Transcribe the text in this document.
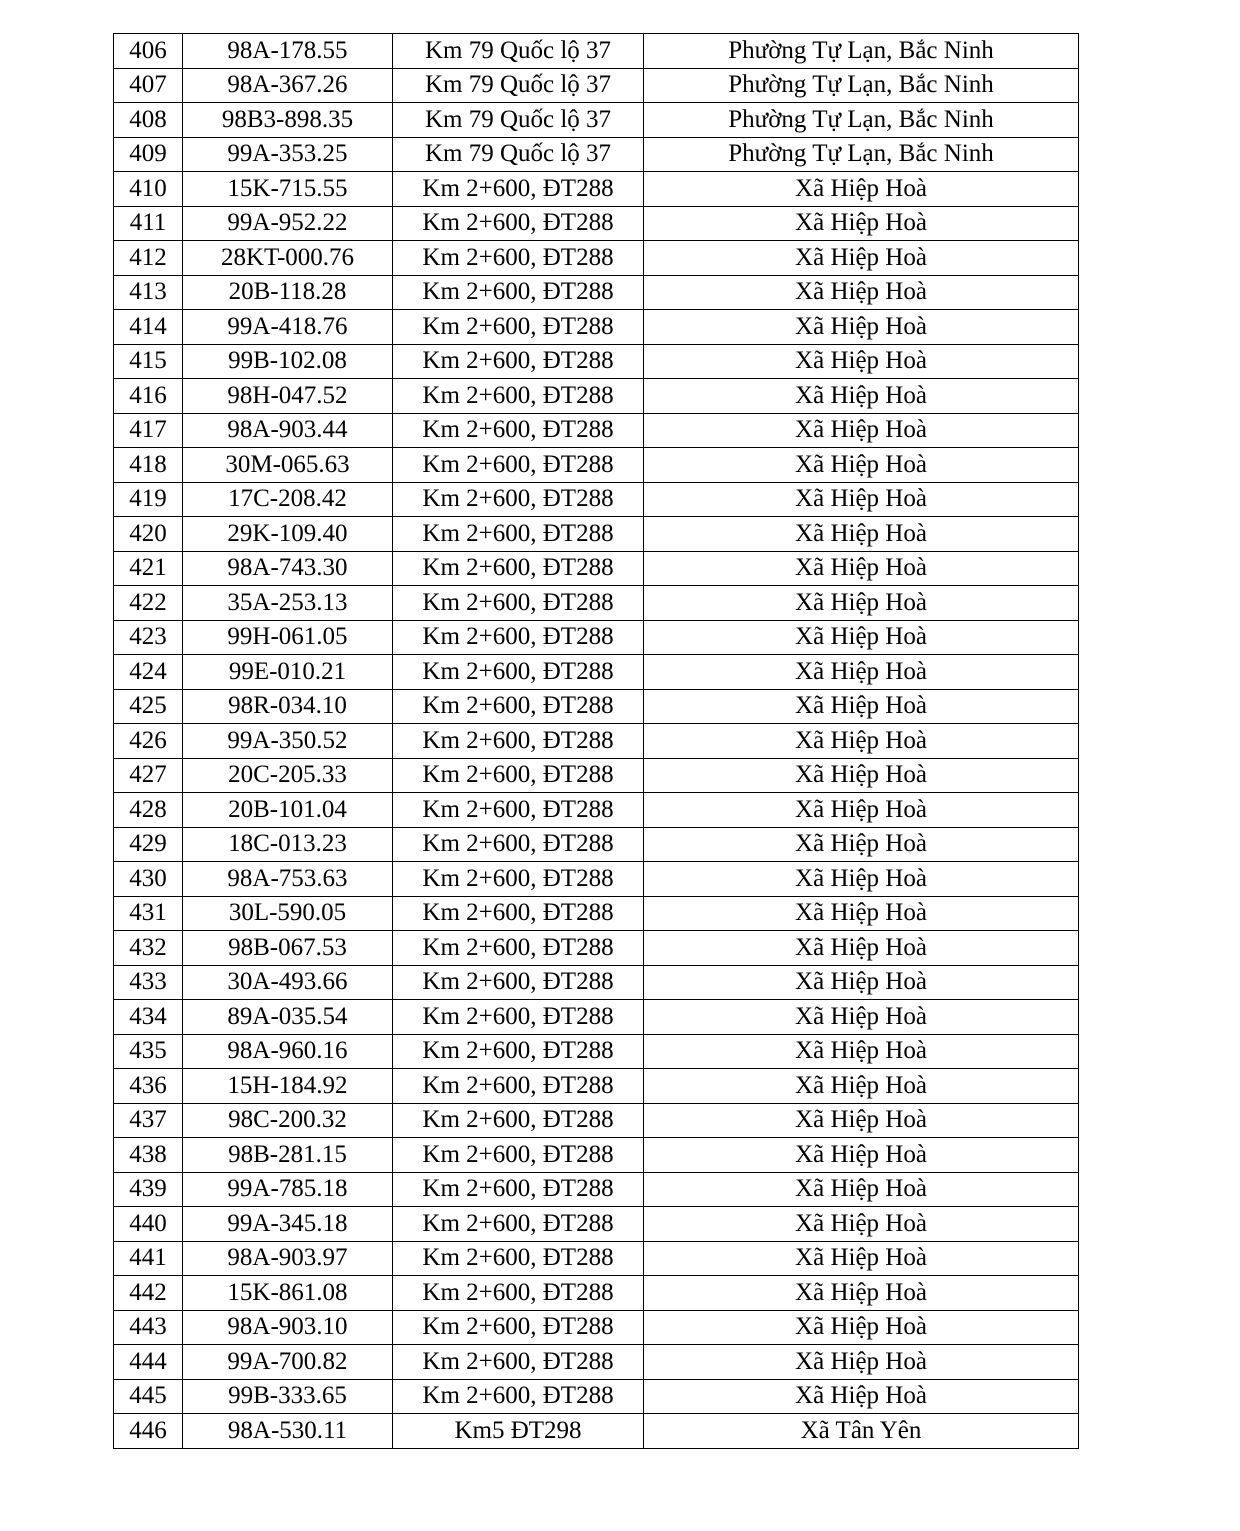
406	98A-178.55	Km 79 Quốc lộ 37	Phường Tự Lạn, Bắc Ninh
407	98A-367.26	Km 79 Quốc lộ 37	Phường Tự Lạn, Bắc Ninh
408	98B3-898.35	Km 79 Quốc lộ 37	Phường Tự Lạn, Bắc Ninh
409	99A-353.25	Km 79 Quốc lộ 37	Phường Tự Lạn, Bắc Ninh
410	15K-715.55	Km 2+600, ĐT288	Xã Hiệp Hoà
411	99A-952.22	Km 2+600, ĐT288	Xã Hiệp Hoà
412	28KT-000.76	Km 2+600, ĐT288	Xã Hiệp Hoà
413	20B-118.28	Km 2+600, ĐT288	Xã Hiệp Hoà
414	99A-418.76	Km 2+600, ĐT288	Xã Hiệp Hoà
415	99B-102.08	Km 2+600, ĐT288	Xã Hiệp Hoà
416	98H-047.52	Km 2+600, ĐT288	Xã Hiệp Hoà
417	98A-903.44	Km 2+600, ĐT288	Xã Hiệp Hoà
418	30M-065.63	Km 2+600, ĐT288	Xã Hiệp Hoà
419	17C-208.42	Km 2+600, ĐT288	Xã Hiệp Hoà
420	29K-109.40	Km 2+600, ĐT288	Xã Hiệp Hoà
421	98A-743.30	Km 2+600, ĐT288	Xã Hiệp Hoà
422	35A-253.13	Km 2+600, ĐT288	Xã Hiệp Hoà
423	99H-061.05	Km 2+600, ĐT288	Xã Hiệp Hoà
424	99E-010.21	Km 2+600, ĐT288	Xã Hiệp Hoà
425	98R-034.10	Km 2+600, ĐT288	Xã Hiệp Hoà
426	99A-350.52	Km 2+600, ĐT288	Xã Hiệp Hoà
427	20C-205.33	Km 2+600, ĐT288	Xã Hiệp Hoà
428	20B-101.04	Km 2+600, ĐT288	Xã Hiệp Hoà
429	18C-013.23	Km 2+600, ĐT288	Xã Hiệp Hoà
430	98A-753.63	Km 2+600, ĐT288	Xã Hiệp Hoà
431	30L-590.05	Km 2+600, ĐT288	Xã Hiệp Hoà
432	98B-067.53	Km 2+600, ĐT288	Xã Hiệp Hoà
433	30A-493.66	Km 2+600, ĐT288	Xã Hiệp Hoà
434	89A-035.54	Km 2+600, ĐT288	Xã Hiệp Hoà
435	98A-960.16	Km 2+600, ĐT288	Xã Hiệp Hoà
436	15H-184.92	Km 2+600, ĐT288	Xã Hiệp Hoà
437	98C-200.32	Km 2+600, ĐT288	Xã Hiệp Hoà
438	98B-281.15	Km 2+600, ĐT288	Xã Hiệp Hoà
439	99A-785.18	Km 2+600, ĐT288	Xã Hiệp Hoà
440	99A-345.18	Km 2+600, ĐT288	Xã Hiệp Hoà
441	98A-903.97	Km 2+600, ĐT288	Xã Hiệp Hoà
442	15K-861.08	Km 2+600, ĐT288	Xã Hiệp Hoà
443	98A-903.10	Km 2+600, ĐT288	Xã Hiệp Hoà
444	99A-700.82	Km 2+600, ĐT288	Xã Hiệp Hoà
445	99B-333.65	Km 2+600, ĐT288	Xã Hiệp Hoà
446	98A-530.11	Km5 ĐT298	Xã Tân Yên
